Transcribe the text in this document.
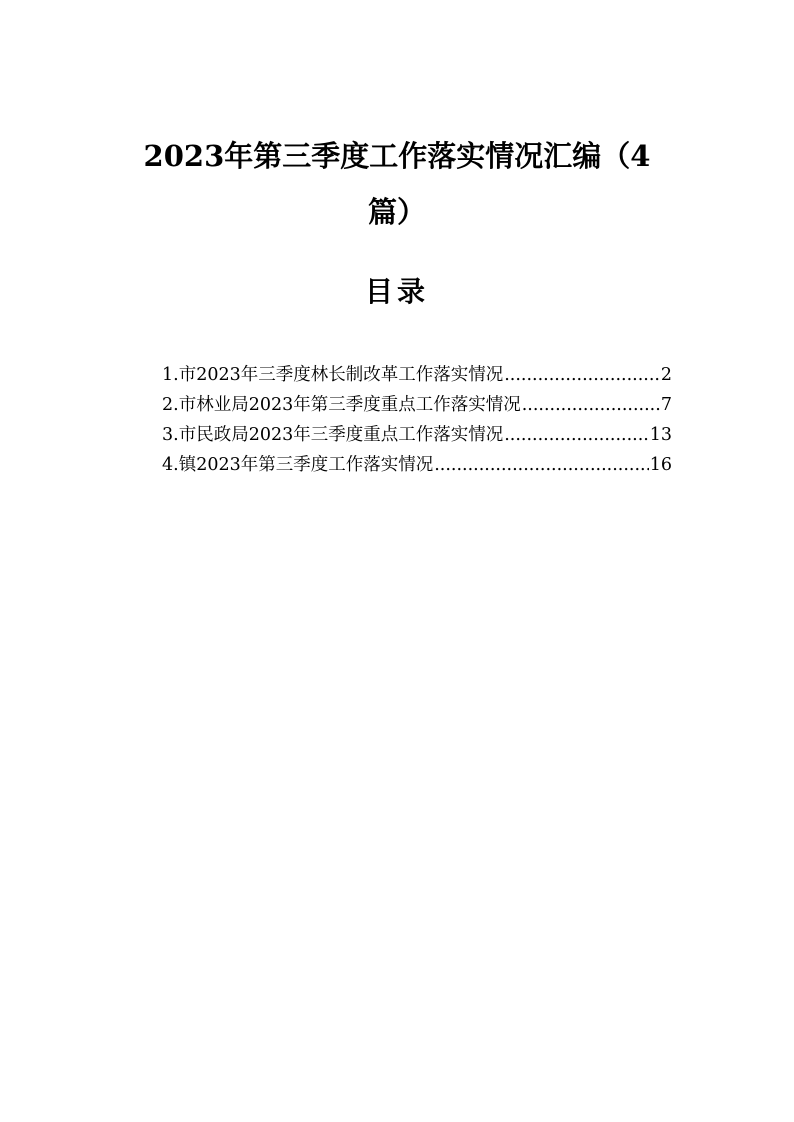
2023年第三季度工作落实情况汇编（4篇）
目录
1.市2023年三季度林长制改革工作落实情况 .....	2
2.市林业局2023年第三季度重点工作落实情况 .....	7
3.市民政局2023年三季度重点工作落实情况 .....	13
4.镇2023年第三季度工作落实情况 .....	16
